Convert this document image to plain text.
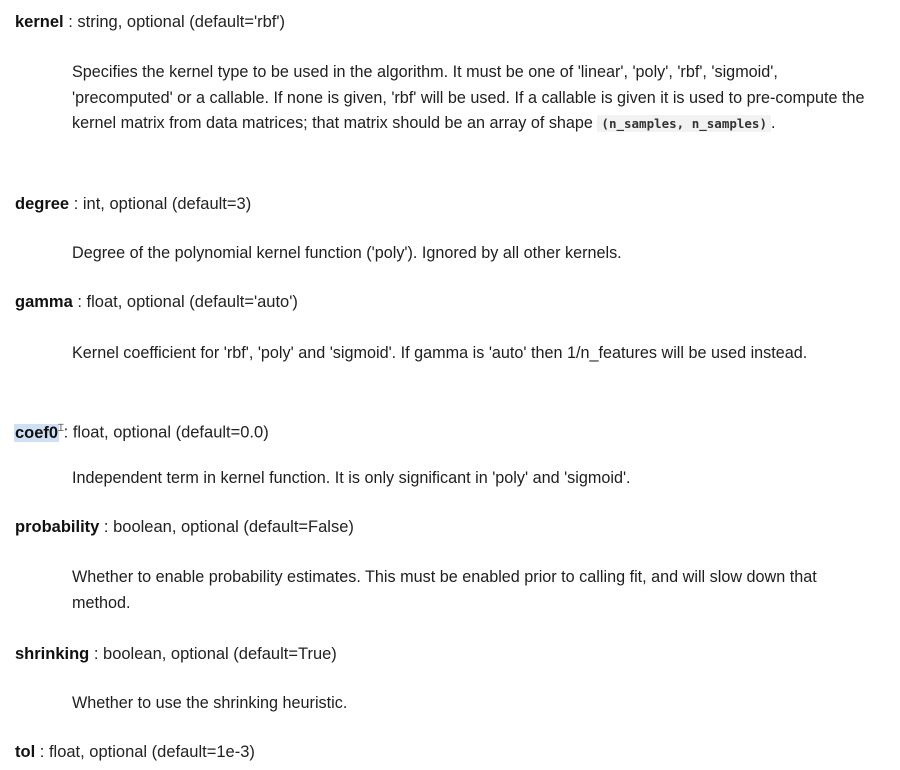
kernel : string, optional (default='rbf')

Specifies the kernel type to be used in the algorithm. It must be one of 'linear', 'poly', 'rbf', 'sigmoid', 'precomputed' or a callable. If none is given, 'rbf' will be used. If a callable is given it is used to pre-compute the kernel matrix from data matrices; that matrix should be an array of shape (n_samples, n_samples) .

degree : int, optional (default=3)

Degree of the polynomial kernel function ('poly'). Ignored by all other kernels.

gamma : float, optional (default='auto')

Kernel coefficient for 'rbf', 'poly' and 'sigmoid'. If gamma is 'auto' then 1/n_features will be used instead.

$coef0^Ɪ$: float, optional (default=0.0)

Independent term in kernel function. It is only significant in 'poly' and 'sigmoid'.

probability : boolean, optional (default=False)

Whether to enable probability estimates. This must be enabled prior to calling fit, and will slow down that method.

shrinking : boolean, optional (default=True)

Whether to use the shrinking heuristic.

tol : float, optional (default=1e-3)
